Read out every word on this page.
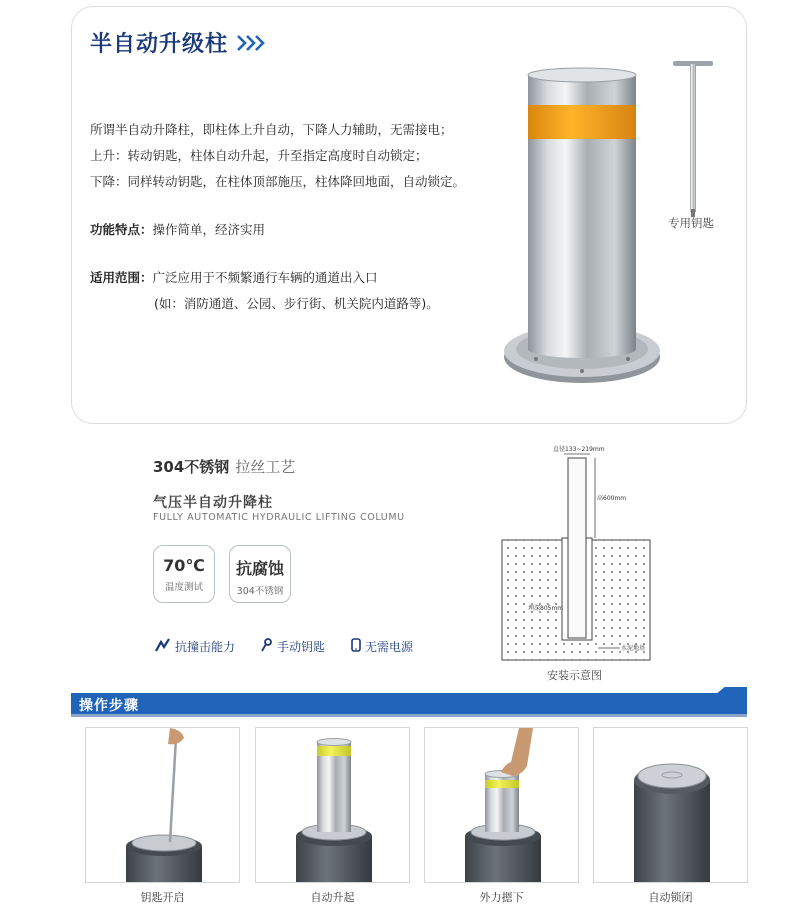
半自动升级柱

所谓半自动升降柱，即柱体上升自动，下降人力辅助，无需接电；

上升：转动钥匙，柱体自动升起，升至指定高度时自动锁定；

下降：同样转动钥匙，在柱体顶部施压，柱体降回地面，自动锁定。

功能特点：操作简单，经济实用

适用范围：广泛应用于不频繁通行车辆的通道出入口

(如：消防通道、公园、步行街、机关院内道路等)。

专用钥匙
304不锈钢 拉丝工艺
气压半自动升降柱
FULLY AUTOMATIC HYDRAULIC LIFTING COLUMU
70℃
温度测试
抗腐蚀
304不锈钢
抗撞击能力	手动钥匙	无需电源
直径133~219mm
高600mm
埋深805mm
水泥地基
安装示意图
操作步骤
钥匙开启	自动升起	外力摁下	自动锁闭
